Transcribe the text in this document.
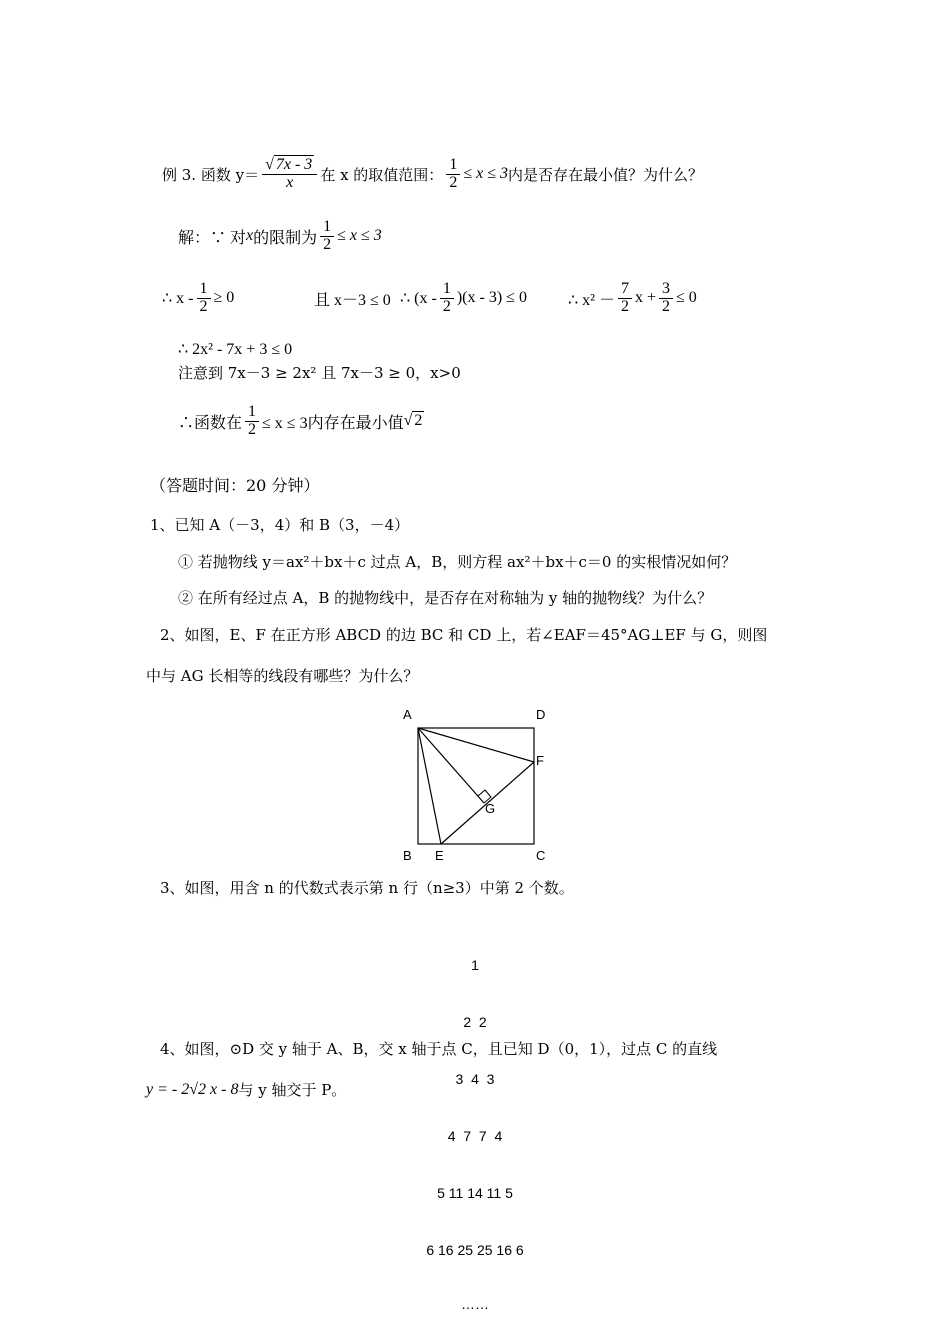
例 3. 函数 $y= \frac{√ 7x - 3}{x}$ 在 x 的取值范围： $\frac{1}{2} \le x \le 3$ 内是否存在最小值？为什么？
解：∵ 对 x 的限制为 $\frac{1}{2} \le x \le 3$
∴ $x - \frac{1}{2} \ge 0$	且 x－3 ≤ 0 ∴ $(x - \frac{1}{2} )(x - 3) \le 0$	∴ $x^2 - \frac{7}{2}$ $x + \frac{3}{2} \le 0$
∴ 2x² - 7x + 3 ≤ 0
注意到 7x－3 ≥ 2x² 且 7x－3 ≥ 0，x>0
∴函数在 $\frac{1}{2} \le x \le 3$内存在最小值 √ 2
（答题时间：20 分钟）
1、已知 A（－3，4）和 B（3，－4）
① 若抛物线 y＝ax²＋bx＋c 过点 A，B，则方程 ax²＋bx＋c＝0 的实根情况如何？
② 在所有经过点 A，B 的抛物线中，是否存在对称轴为 y 轴的抛物线？为什么？
2、如图，E、F 在正方形 ABCD 的边 BC 和 CD 上，若∠EAF＝45°AG⊥EF 与 G，则图
中与 AG 长相等的线段有哪些？为什么？
A	D
B	C
E
F
G
3、如图，用含 n 的代数式表示第 n 行（n≥3）中第 2 个数。

1

2  2

3  4  3

4  7  7  4

5 11 14 11 5

6 16 25 25 16 6

……

4、如图，⊙D 交 y 轴于 A、B，交 x 轴于点 C，且已知 D（0，1），过点 C 的直线
y = - 2√2 x - 8 与 y 轴交于 P。
